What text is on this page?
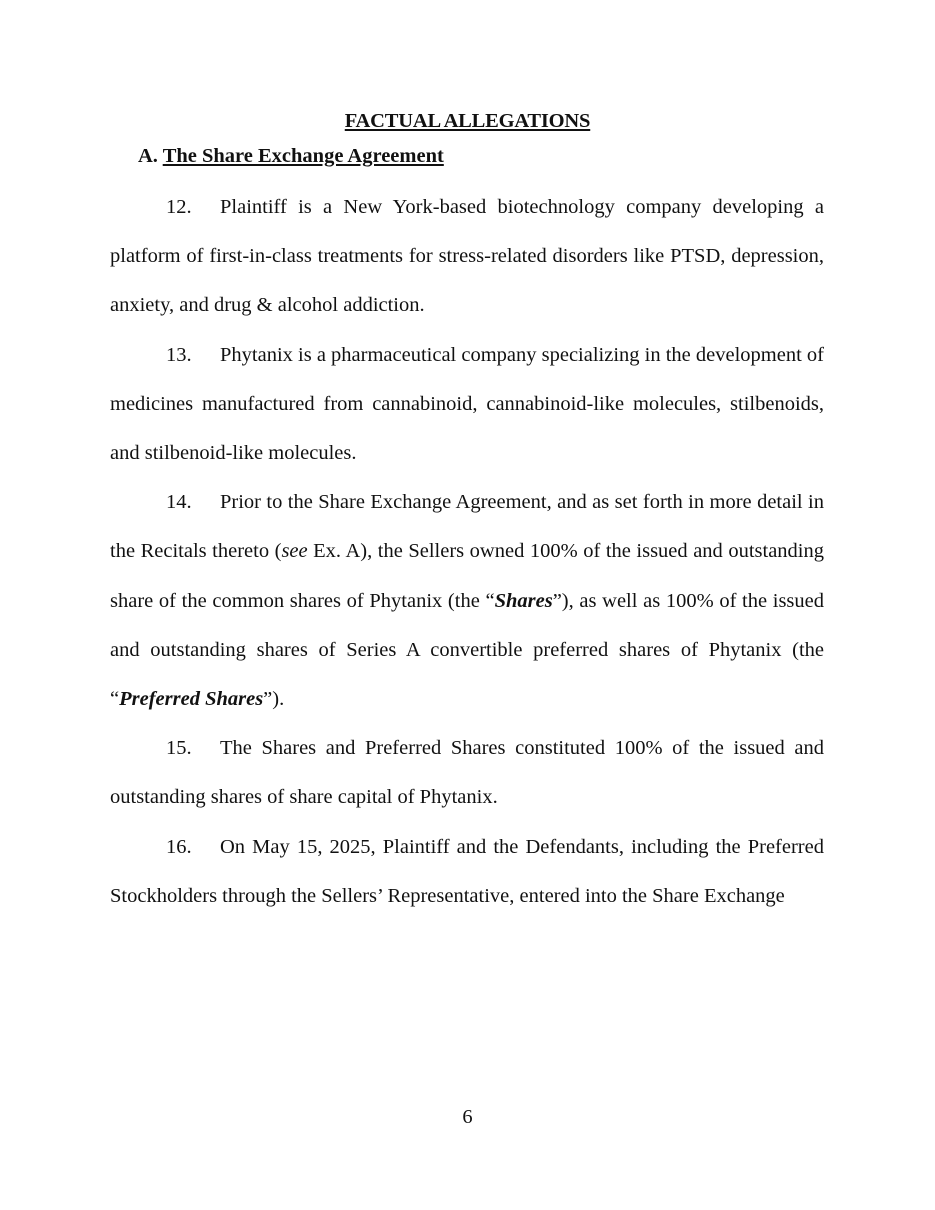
FACTUAL ALLEGATIONS
A. The Share Exchange Agreement

12. Plaintiff is a New York-based biotechnology company developing a platform of first-in-class treatments for stress-related disorders like PTSD, depression, anxiety, and drug & alcohol addiction.

13. Phytanix is a pharmaceutical company specializing in the development of medicines manufactured from cannabinoid, cannabinoid-like molecules, stilbenoids, and stilbenoid-like molecules.

14. Prior to the Share Exchange Agreement, and as set forth in more detail in the Recitals thereto (see Ex. A), the Sellers owned 100% of the issued and outstanding share of the common shares of Phytanix (the “Shares”), as well as 100% of the issued and outstanding shares of Series A convertible preferred shares of Phytanix (the “Preferred Shares”).

15. The Shares and Preferred Shares constituted 100% of the issued and outstanding shares of share capital of Phytanix.

16. On May 15, 2025, Plaintiff and the Defendants, including the Preferred Stockholders through the Sellers’ Representative, entered into the Share Exchange

6
